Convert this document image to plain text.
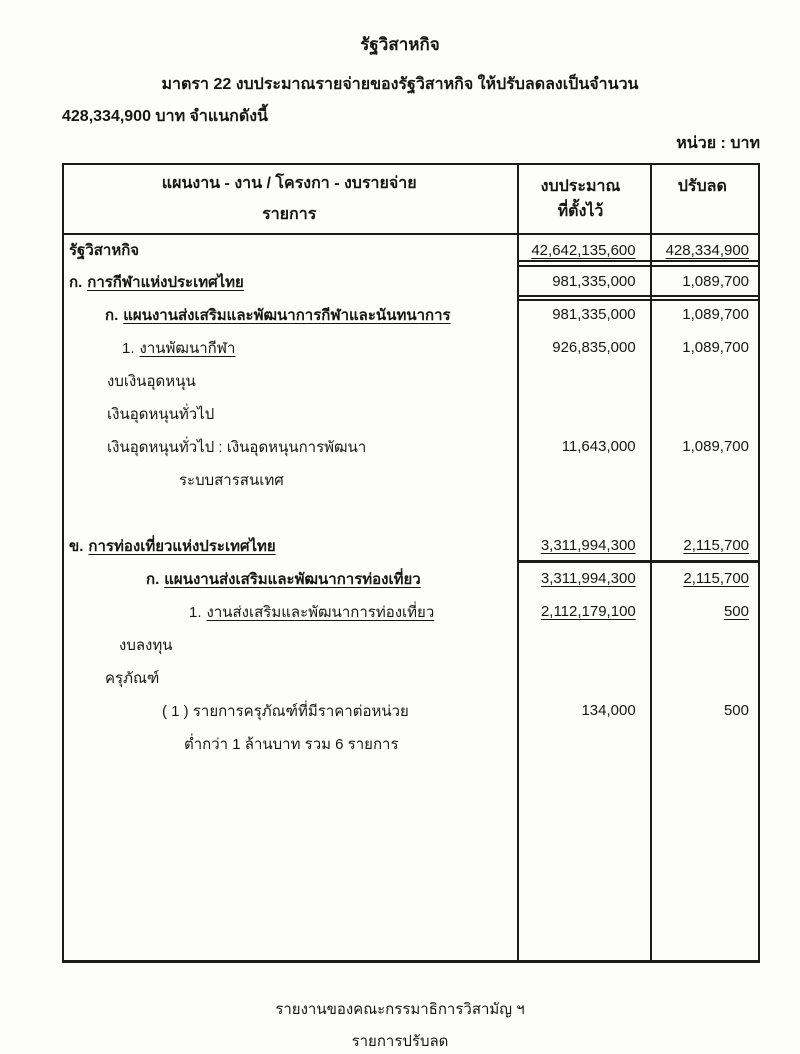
รัฐวิสาหกิจ
มาตรา 22 งบประมาณรายจ่ายของรัฐวิสาหกิจ ให้ปรับลดลงเป็นจำนวน
428,334,900 บาท จำแนกดังนี้
หน่วย : บาท
แผนงาน - งาน / โครงกา - งบรายจ่าย
รายการ
งบประมาณ
ที่ตั้งไว้
ปรับลด
รัฐวิสาหกิจ	42,642,135,600	428,334,900
ก. การกีฬาแห่งประเทศไทย	981,335,000	1,089,700
ก. แผนงานส่งเสริมและพัฒนาการกีฬาและนันทนาการ	981,335,000	1,089,700
1. งานพัฒนากีฬา	926,835,000	1,089,700
งบเงินอุดหนุน
เงินอุดหนุนทั่วไป
เงินอุดหนุนทั่วไป : เงินอุดหนุนการพัฒนา	11,643,000	1,089,700
ระบบสารสนเทศ
ข. การท่องเที่ยวแห่งประเทศไทย	3,311,994,300	2,115,700
ก. แผนงานส่งเสริมและพัฒนาการท่องเที่ยว	3,311,994,300	2,115,700
1. งานส่งเสริมและพัฒนาการท่องเที่ยว	2,112,179,100	500
งบลงทุน
ครุภัณฑ์
( 1 ) รายการครุภัณฑ์ที่มีราคาต่อหน่วย	134,000	500
ต่ำกว่า 1 ล้านบาท รวม 6 รายการ
รายงานของคณะกรรมาธิการวิสามัญ ฯ
รายการปรับลด
